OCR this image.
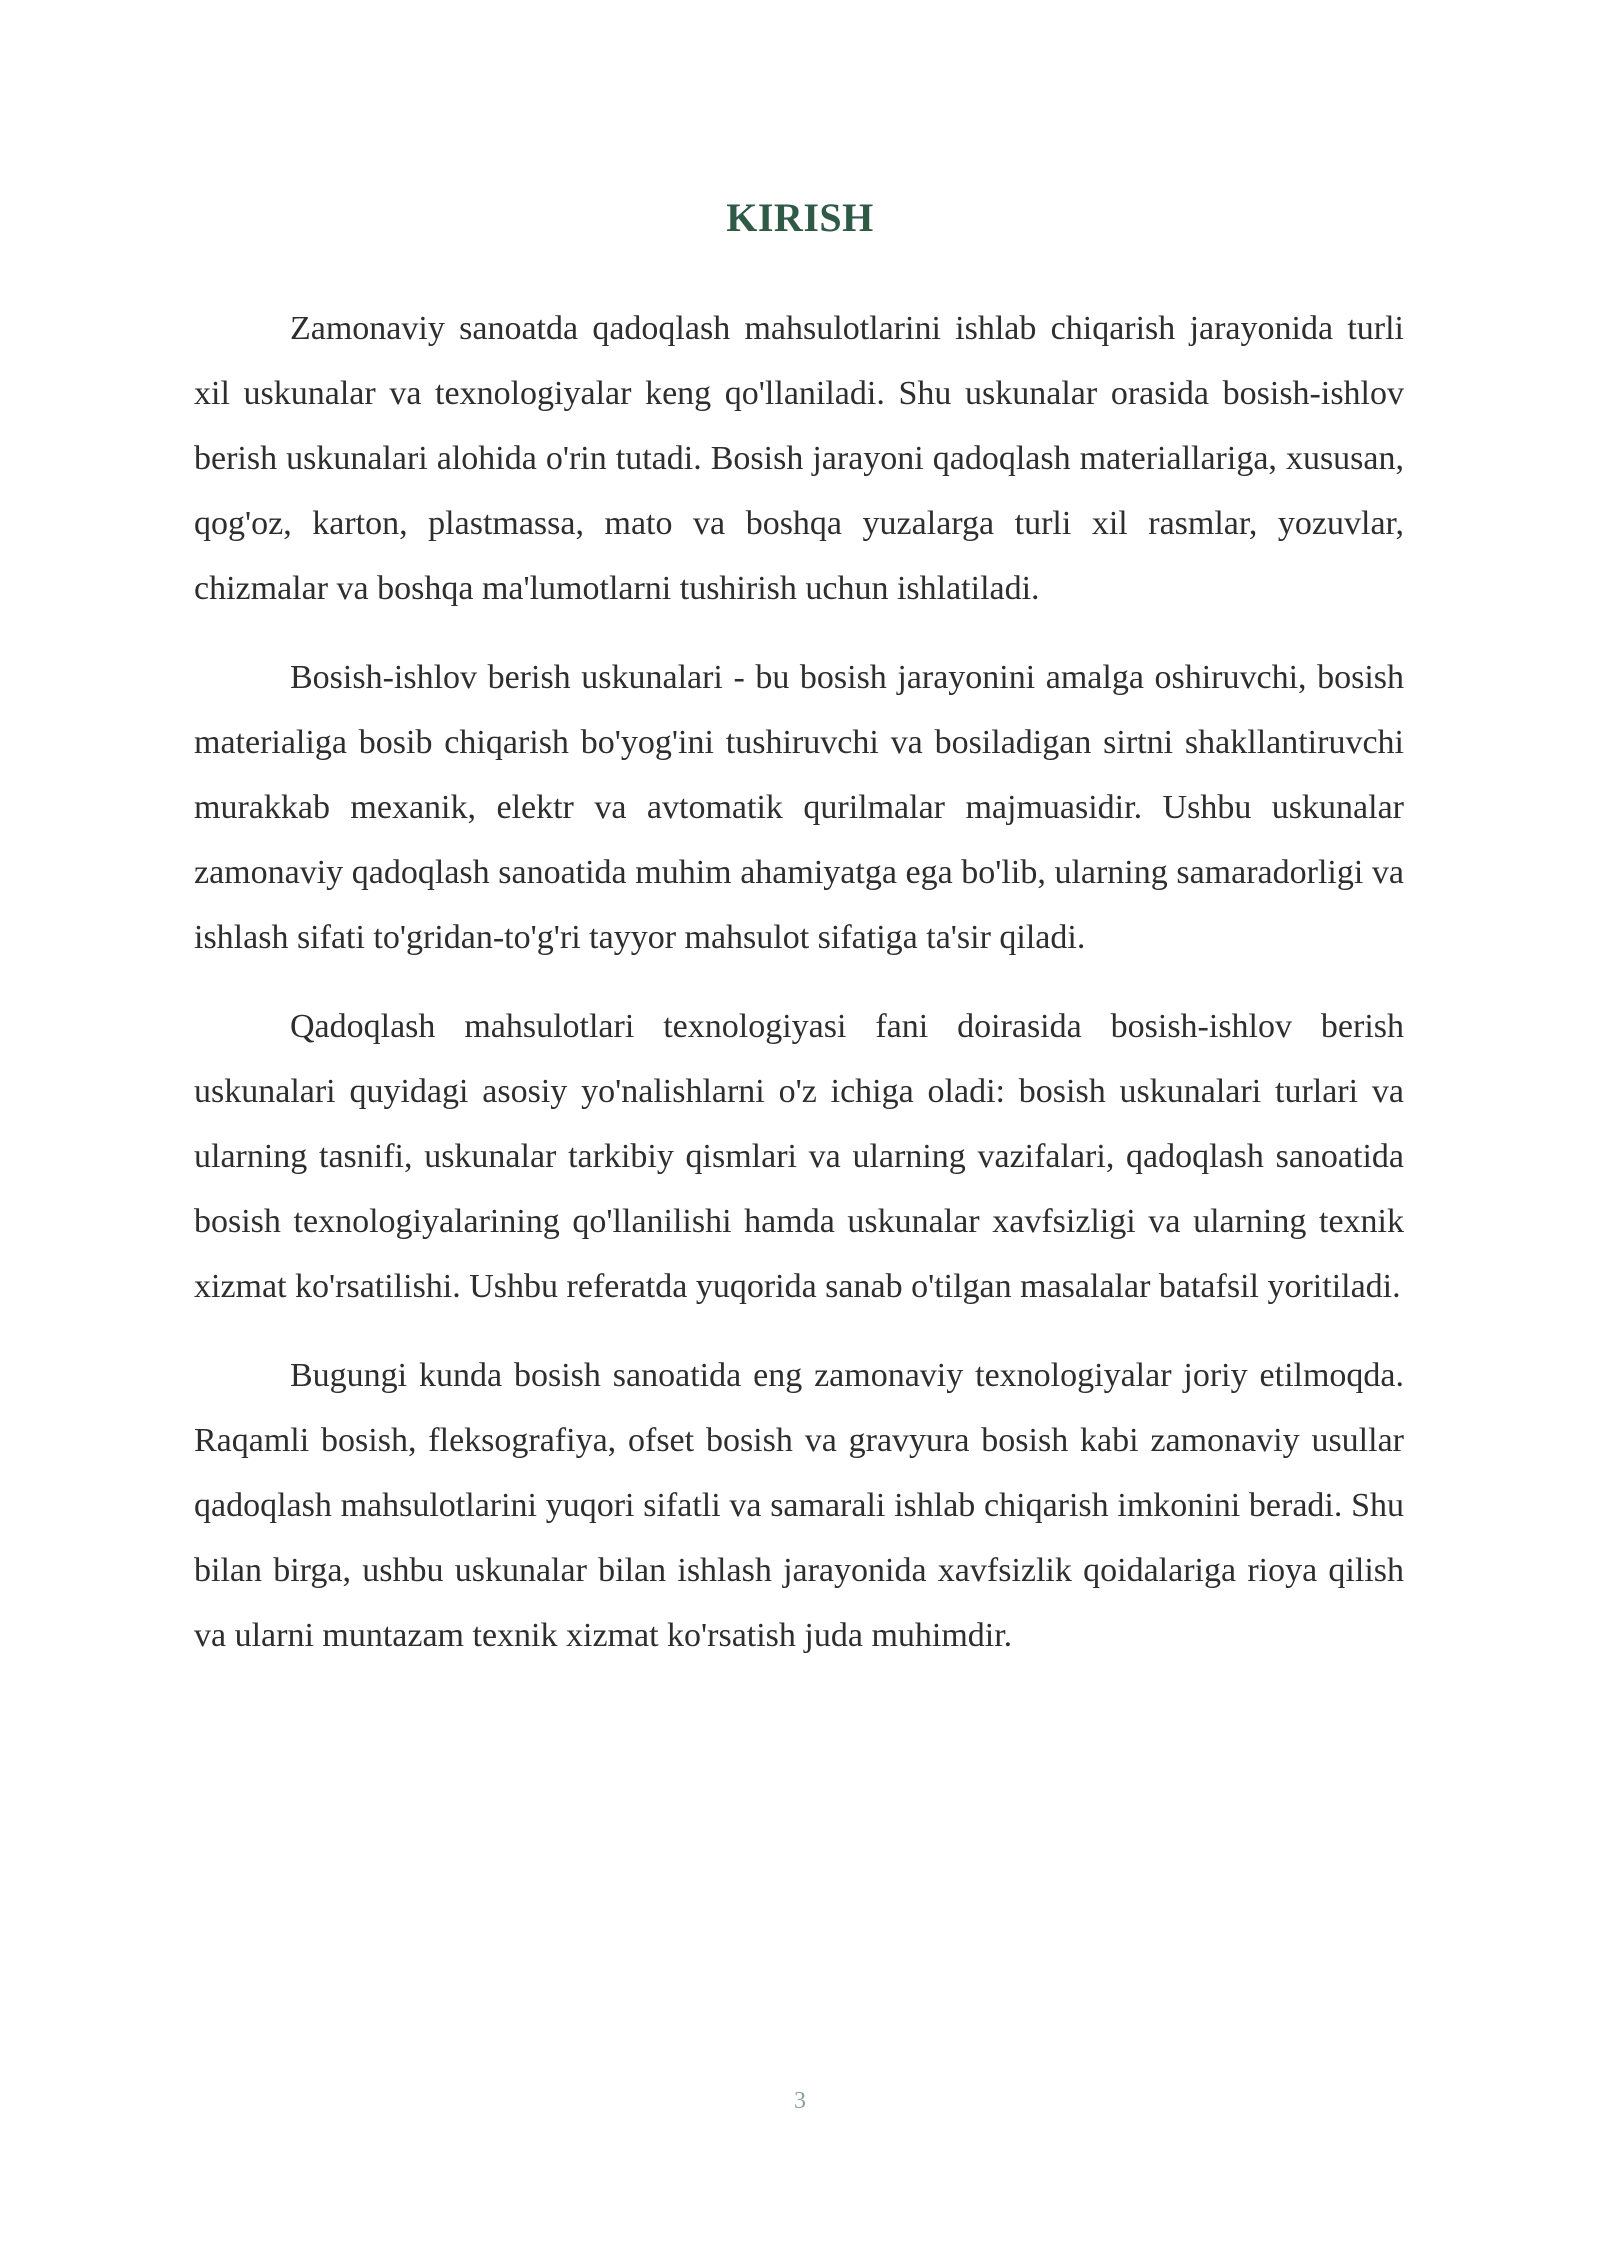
KIRISH

Zamonaviy sanoatda qadoqlash mahsulotlarini ishlab chiqarish jarayonida turli xil uskunalar va texnologiyalar keng qo'llaniladi. Shu uskunalar orasida bosish-ishlov berish uskunalari alohida o'rin tutadi. Bosish jarayoni qadoqlash materiallariga, xususan, qog'oz, karton, plastmassa, mato va boshqa yuzalarga turli xil rasmlar, yozuvlar, chizmalar va boshqa ma'lumotlarni tushirish uchun ishlatiladi.

Bosish-ishlov berish uskunalari - bu bosish jarayonini amalga oshiruvchi, bosish materialiga bosib chiqarish bo'yog'ini tushiruvchi va bosiladigan sirtni shakllantiruvchi murakkab mexanik, elektr va avtomatik qurilmalar majmuasidir. Ushbu uskunalar zamonaviy qadoqlash sanoatida muhim ahamiyatga ega bo'lib, ularning samaradorligi va ishlash sifati to'gridan-to'g'ri tayyor mahsulot sifatiga ta'sir qiladi.

Qadoqlash mahsulotlari texnologiyasi fani doirasida bosish-ishlov berish uskunalari quyidagi asosiy yo'nalishlarni o'z ichiga oladi: bosish uskunalari turlari va ularning tasnifi, uskunalar tarkibiy qismlari va ularning vazifalari, qadoqlash sanoatida bosish texnologiyalarining qo'llanilishi hamda uskunalar xavfsizligi va ularning texnik xizmat ko'rsatilishi. Ushbu referatda yuqorida sanab o'tilgan masalalar batafsil yoritiladi.

Bugungi kunda bosish sanoatida eng zamonaviy texnologiyalar joriy etilmoqda. Raqamli bosish, fleksografiya, ofset bosish va gravyura bosish kabi zamonaviy usullar qadoqlash mahsulotlarini yuqori sifatli va samarali ishlab chiqarish imkonini beradi. Shu bilan birga, ushbu uskunalar bilan ishlash jarayonida xavfsizlik qoidalariga rioya qilish va ularni muntazam texnik xizmat ko'rsatish juda muhimdir.

3
